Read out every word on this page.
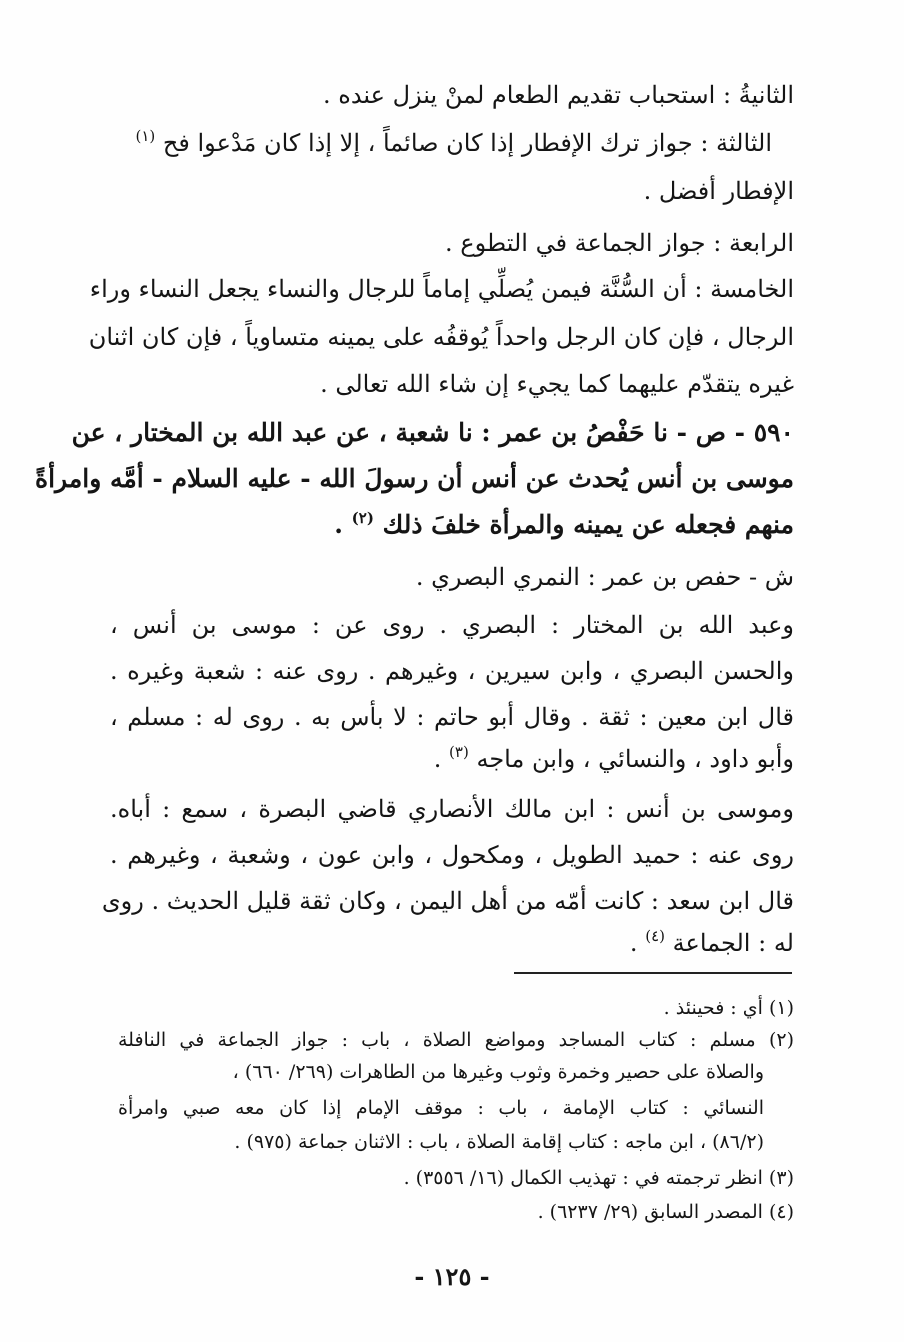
الثانيةُ : استحباب تقديم الطعام لمنْ ينزل عنده .
الثالثة : جواز ترك الإفطار إذا كان صائماً ، إلا إذا كان مَدْعوا فح $^{(١)}$
الإفطار أفضل .
الرابعة : جواز الجماعة في التطوع .
الخامسة : أن السُّنَّة فيمن يُصلِّي إماماً للرجال والنساء يجعل النساء وراء
الرجال ، فإن كان الرجل واحداً يُوقفُه على يمينه متساوياً ، فإن كان اثنان
غيره يتقدّم عليهما كما يجيء إن شاء الله تعالى .
٥٩٠ - ص - نا حَفْصُ بن عمر : نا شعبة ، عن عبد الله بن المختار ، عن
موسى بن أنس يُحدث عن أنس أن رسولَ الله - عليه السلام - أمَّه وامرأةً
منهم فجعله عن يمينه والمرأة خلفَ ذلك $^{(٢)}$ .
ش - حفص بن عمر : النمري البصري .
وعبد الله بن المختار : البصري . روى عن : موسى بن أنس ،
والحسن البصري ، وابن سيرين ، وغيرهم . روى عنه : شعبة وغيره .
قال ابن معين : ثقة . وقال أبو حاتم : لا بأس به . روى له : مسلم ،
وأبو داود ، والنسائي ، وابن ماجه $^{(٣)}$ .
وموسى بن أنس : ابن مالك الأنصاري قاضي البصرة ، سمع : أباه.
روى عنه : حميد الطويل ، ومكحول ، وابن عون ، وشعبة ، وغيرهم .
قال ابن سعد : كانت أمّه من أهل اليمن ، وكان ثقة قليل الحديث . روى
له : الجماعة $^{(٤)}$ .
(١) أي : فحينئذ .
(٢) مسلم : كتاب المساجد ومواضع الصلاة ، باب : جواز الجماعة في النافلة
والصلاة على حصير وخمرة وثوب وغيرها من الطاهرات (٢٦٩/ ٦٦٠) ،
النسائي : كتاب الإمامة ، باب : موقف الإمام إذا كان معه صبي وامرأة
(٨٦/٢) ، ابن ماجه : كتاب إقامة الصلاة ، باب : الاثنان جماعة (٩٧٥) .
(٣) انظر ترجمته في : تهذيب الكمال (١٦/ ٣٥٥٦) .
(٤) المصدر السابق (٢٩/ ٦٢٣٧) .
- ١٢٥ -
